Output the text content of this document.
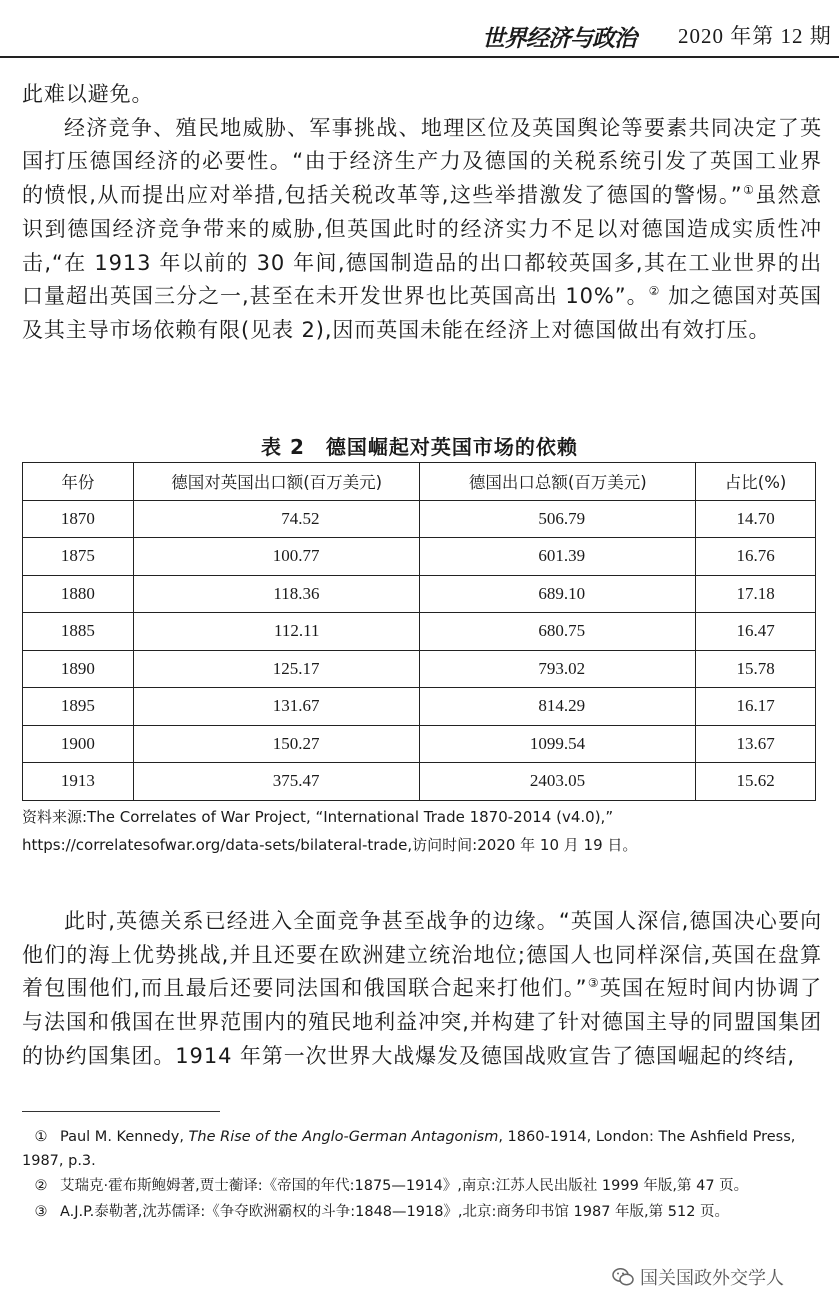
世界经济与政治 2020 年第 12 期

此难以避免。

经济竞争、殖民地威胁、军事挑战、地理区位及英国舆论等要素共同决定了英国打压德国经济的必要性。“由于经济生产力及德国的关税系统引发了英国工业界的愤恨,从而提出应对举措,包括关税改革等,这些举措激发了德国的警惕。”①虽然意识到德国经济竞争带来的威胁,但英国此时的经济实力不足以对德国造成实质性冲击,“在 1913 年以前的 30 年间,德国制造品的出口都较英国多,其在工业世界的出口量超出英国三分之一,甚至在未开发世界也比英国高出 10%”。② 加之德国对英国及其主导市场依赖有限(见表 2),因而英国未能在经济上对德国做出有效打压。

表 2　德国崛起对英国市场的依赖
年份	德国对英国出口额(百万美元)	德国出口总额(百万美元)	占比(%)
1870	74.52	506.79	14.70
1875	100.77	601.39	16.76
1880	118.36	689.10	17.18
1885	112.11	680.75	16.47
1890	125.17	793.02	15.78
1895	131.67	814.29	16.17
1900	150.27	1099.54	13.67
1913	375.47	2403.05	15.62
资料来源:The Correlates of War Project, “International Trade 1870-2014 (v4.0),” https://correlatesofwar.org/data-sets/bilateral-trade,访问时间:2020 年 10 月 19 日。

此时,英德关系已经进入全面竞争甚至战争的边缘。“英国人深信,德国决心要向他们的海上优势挑战,并且还要在欧洲建立统治地位;德国人也同样深信,英国在盘算着包围他们,而且最后还要同法国和俄国联合起来打他们。”③英国在短时间内协调了与法国和俄国在世界范围内的殖民地利益冲突,并构建了针对德国主导的同盟国集团的协约国集团。1914 年第一次世界大战爆发及德国战败宣告了德国崛起的终结,

① Paul M. Kennedy, The Rise of the Anglo-German Antagonism, 1860-1914, London: The Ashfield Press, 1987, p.3.
② 艾瑞克·霍布斯鲍姆著,贾士蘅译:《帝国的年代:1875—1914》,南京:江苏人民出版社 1999 年版,第 47 页。
③ A.J.P.泰勒著,沈苏儒译:《争夺欧洲霸权的斗争:1848—1918》,北京:商务印书馆 1987 年版,第 512 页。
国关国政外交学人
